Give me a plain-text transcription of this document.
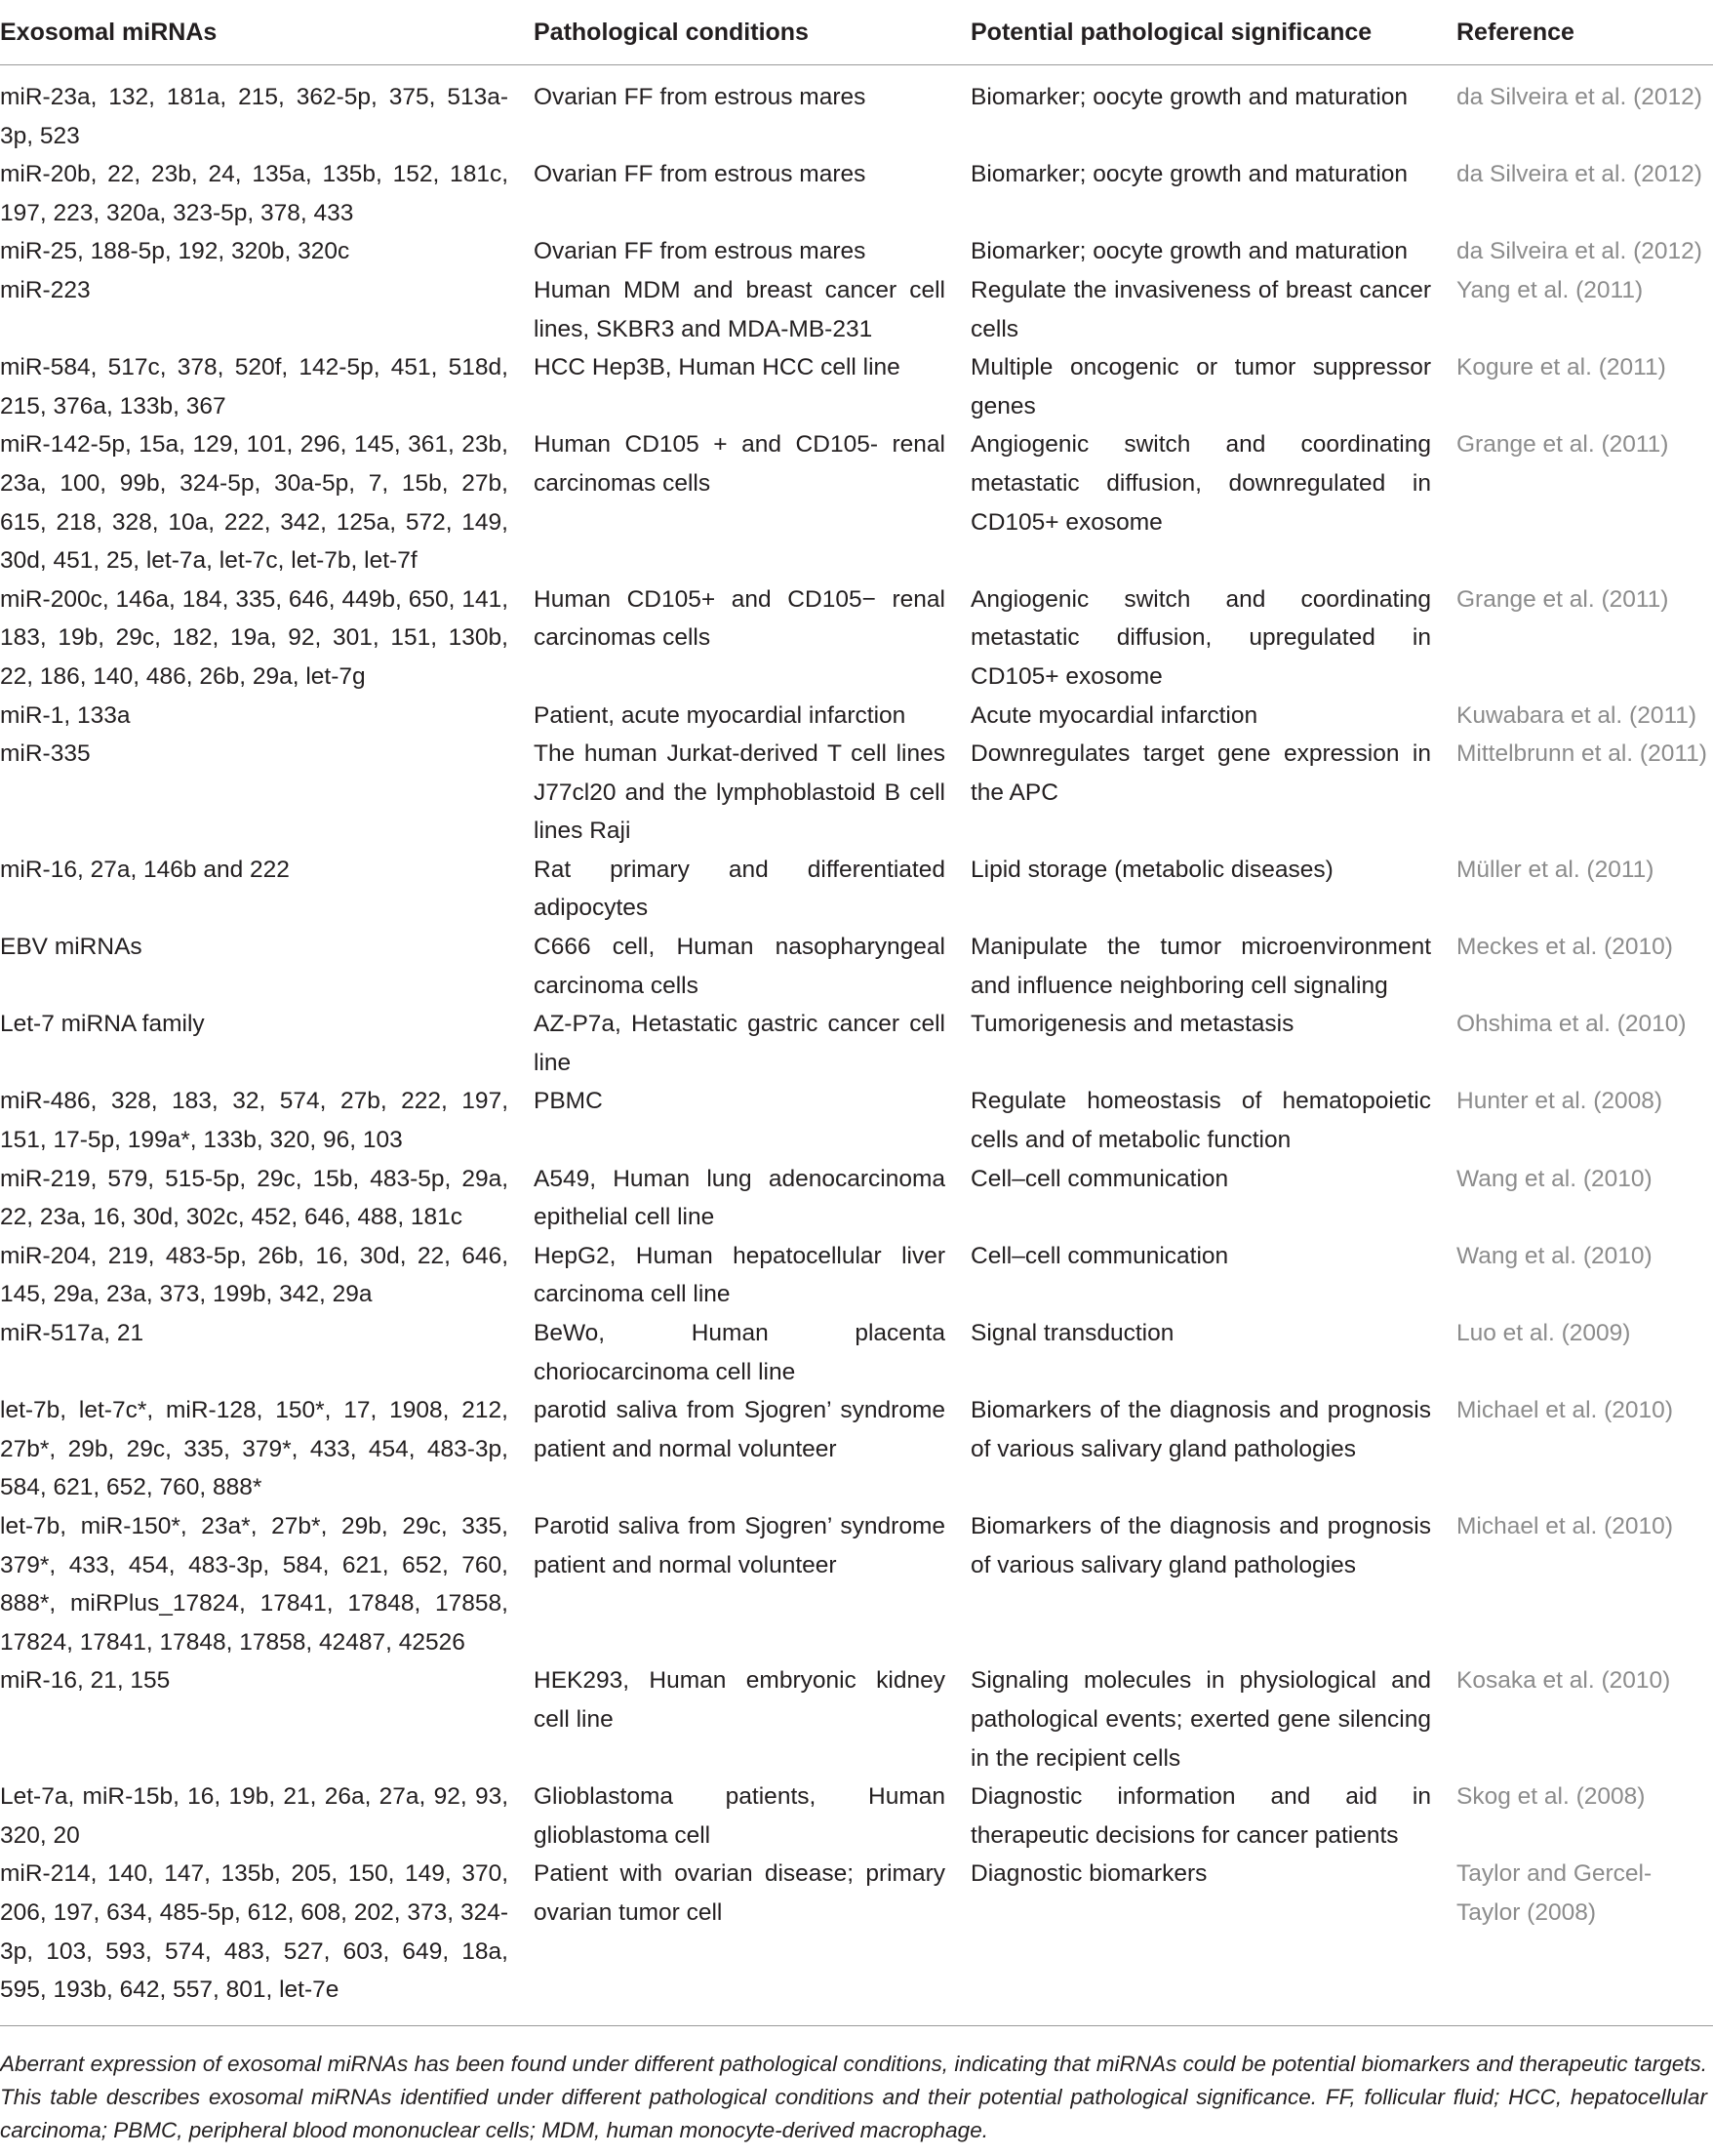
Exosomal miRNAs	Pathological conditions	Potential pathological significance	Reference
miR-23a, 132, 181a, 215, 362-5p, 375, 513a-3p, 523	Ovarian FF from estrous mares	Biomarker; oocyte growth and maturation	da Silveira et al. (2012)
miR-20b, 22, 23b, 24, 135a, 135b, 152, 181c, 197, 223, 320a, 323-5p, 378, 433	Ovarian FF from estrous mares	Biomarker; oocyte growth and maturation	da Silveira et al. (2012)
miR-25, 188-5p, 192, 320b, 320c	Ovarian FF from estrous mares	Biomarker; oocyte growth and maturation	da Silveira et al. (2012)
miR-223	Human MDM and breast cancer cell lines, SKBR3 and MDA-MB-231	Regulate the invasiveness of breast cancer cells	Yang et al. (2011)
miR-584, 517c, 378, 520f, 142-5p, 451, 518d, 215, 376a, 133b, 367	HCC Hep3B, Human HCC cell line	Multiple oncogenic or tumor suppressor genes	Kogure et al. (2011)
miR-142-5p, 15a, 129, 101, 296, 145, 361, 23b, 23a, 100, 99b, 324-5p, 30a-5p, 7, 15b, 27b, 615, 218, 328, 10a, 222, 342, 125a, 572, 149, 30d, 451, 25, let-7a, let-7c, let-7b, let-7f	Human CD105 + and CD105- renal carcinomas cells	Angiogenic switch and coordinating metastatic diffusion, downregulated in CD105+ exosome	Grange et al. (2011)
miR-200c, 146a, 184, 335, 646, 449b, 650, 141, 183, 19b, 29c, 182, 19a, 92, 301, 151, 130b, 22, 186, 140, 486, 26b, 29a, let-7g	Human CD105+ and CD105− renal carcinomas cells	Angiogenic switch and coordinating metastatic diffusion, upregulated in CD105+ exosome	Grange et al. (2011)
miR-1, 133a	Patient, acute myocardial infarction	Acute myocardial infarction	Kuwabara et al. (2011)
miR-335	The human Jurkat-derived T cell lines J77cl20 and the lymphoblastoid B cell lines Raji	Downregulates target gene expression in the APC	Mittelbrunn et al. (2011)
miR-16, 27a, 146b and 222	Rat primary and differentiated adipocytes	Lipid storage (metabolic diseases)	Müller et al. (2011)
EBV miRNAs	C666 cell, Human nasopharyngeal carcinoma cells	Manipulate the tumor microenvironment and influence neighboring cell signaling	Meckes et al. (2010)
Let-7 miRNA family	AZ-P7a, Hetastatic gastric cancer cell line	Tumorigenesis and metastasis	Ohshima et al. (2010)
miR-486, 328, 183, 32, 574, 27b, 222, 197, 151, 17-5p, 199a*, 133b, 320, 96, 103	PBMC	Regulate homeostasis of hematopoietic cells and of metabolic function	Hunter et al. (2008)
miR-219, 579, 515-5p, 29c, 15b, 483-5p, 29a, 22, 23a, 16, 30d, 302c, 452, 646, 488, 181c	A549, Human lung adenocarcinoma epithelial cell line	Cell–cell communication	Wang et al. (2010)
miR-204, 219, 483-5p, 26b, 16, 30d, 22, 646, 145, 29a, 23a, 373, 199b, 342, 29a	HepG2, Human hepatocellular liver carcinoma cell line	Cell–cell communication	Wang et al. (2010)
miR-517a, 21	BeWo, Human placenta choriocarcinoma cell line	Signal transduction	Luo et al. (2009)
let-7b, let-7c*, miR-128, 150*, 17, 1908, 212, 27b*, 29b, 29c, 335, 379*, 433, 454, 483-3p, 584, 621, 652, 760, 888*	parotid saliva from Sjogren’ syndrome patient and normal volunteer	Biomarkers of the diagnosis and prognosis of various salivary gland pathologies	Michael et al. (2010)
let-7b, miR-150*, 23a*, 27b*, 29b, 29c, 335, 379*, 433, 454, 483-3p, 584, 621, 652, 760, 888*, miRPlus_17824, 17841, 17848, 17858, 17824, 17841, 17848, 17858, 42487, 42526	Parotid saliva from Sjogren’ syndrome patient and normal volunteer	Biomarkers of the diagnosis and prognosis of various salivary gland pathologies	Michael et al. (2010)
miR-16, 21, 155	HEK293, Human embryonic kidney cell line	Signaling molecules in physiological and pathological events; exerted gene silencing in the recipient cells	Kosaka et al. (2010)
Let-7a, miR-15b, 16, 19b, 21, 26a, 27a, 92, 93, 320, 20	Glioblastoma patients, Human glioblastoma cell	Diagnostic information and aid in therapeutic decisions for cancer patients	Skog et al. (2008)
miR-214, 140, 147, 135b, 205, 150, 149, 370, 206, 197, 634, 485-5p, 612, 608, 202, 373, 324-3p, 103, 593, 574, 483, 527, 603, 649, 18a, 595, 193b, 642, 557, 801, let-7e	Patient with ovarian disease; primary ovarian tumor cell	Diagnostic biomarkers	Taylor and Gercel-Taylor (2008)
Aberrant expression of exosomal miRNAs has been found under different pathological conditions, indicating that miRNAs could be potential biomarkers and therapeutic targets. This table describes exosomal miRNAs identified under different pathological conditions and their potential pathological significance. FF, follicular fluid; HCC, hepatocellular carcinoma; PBMC, peripheral blood mononuclear cells; MDM, human monocyte-derived macrophage.
